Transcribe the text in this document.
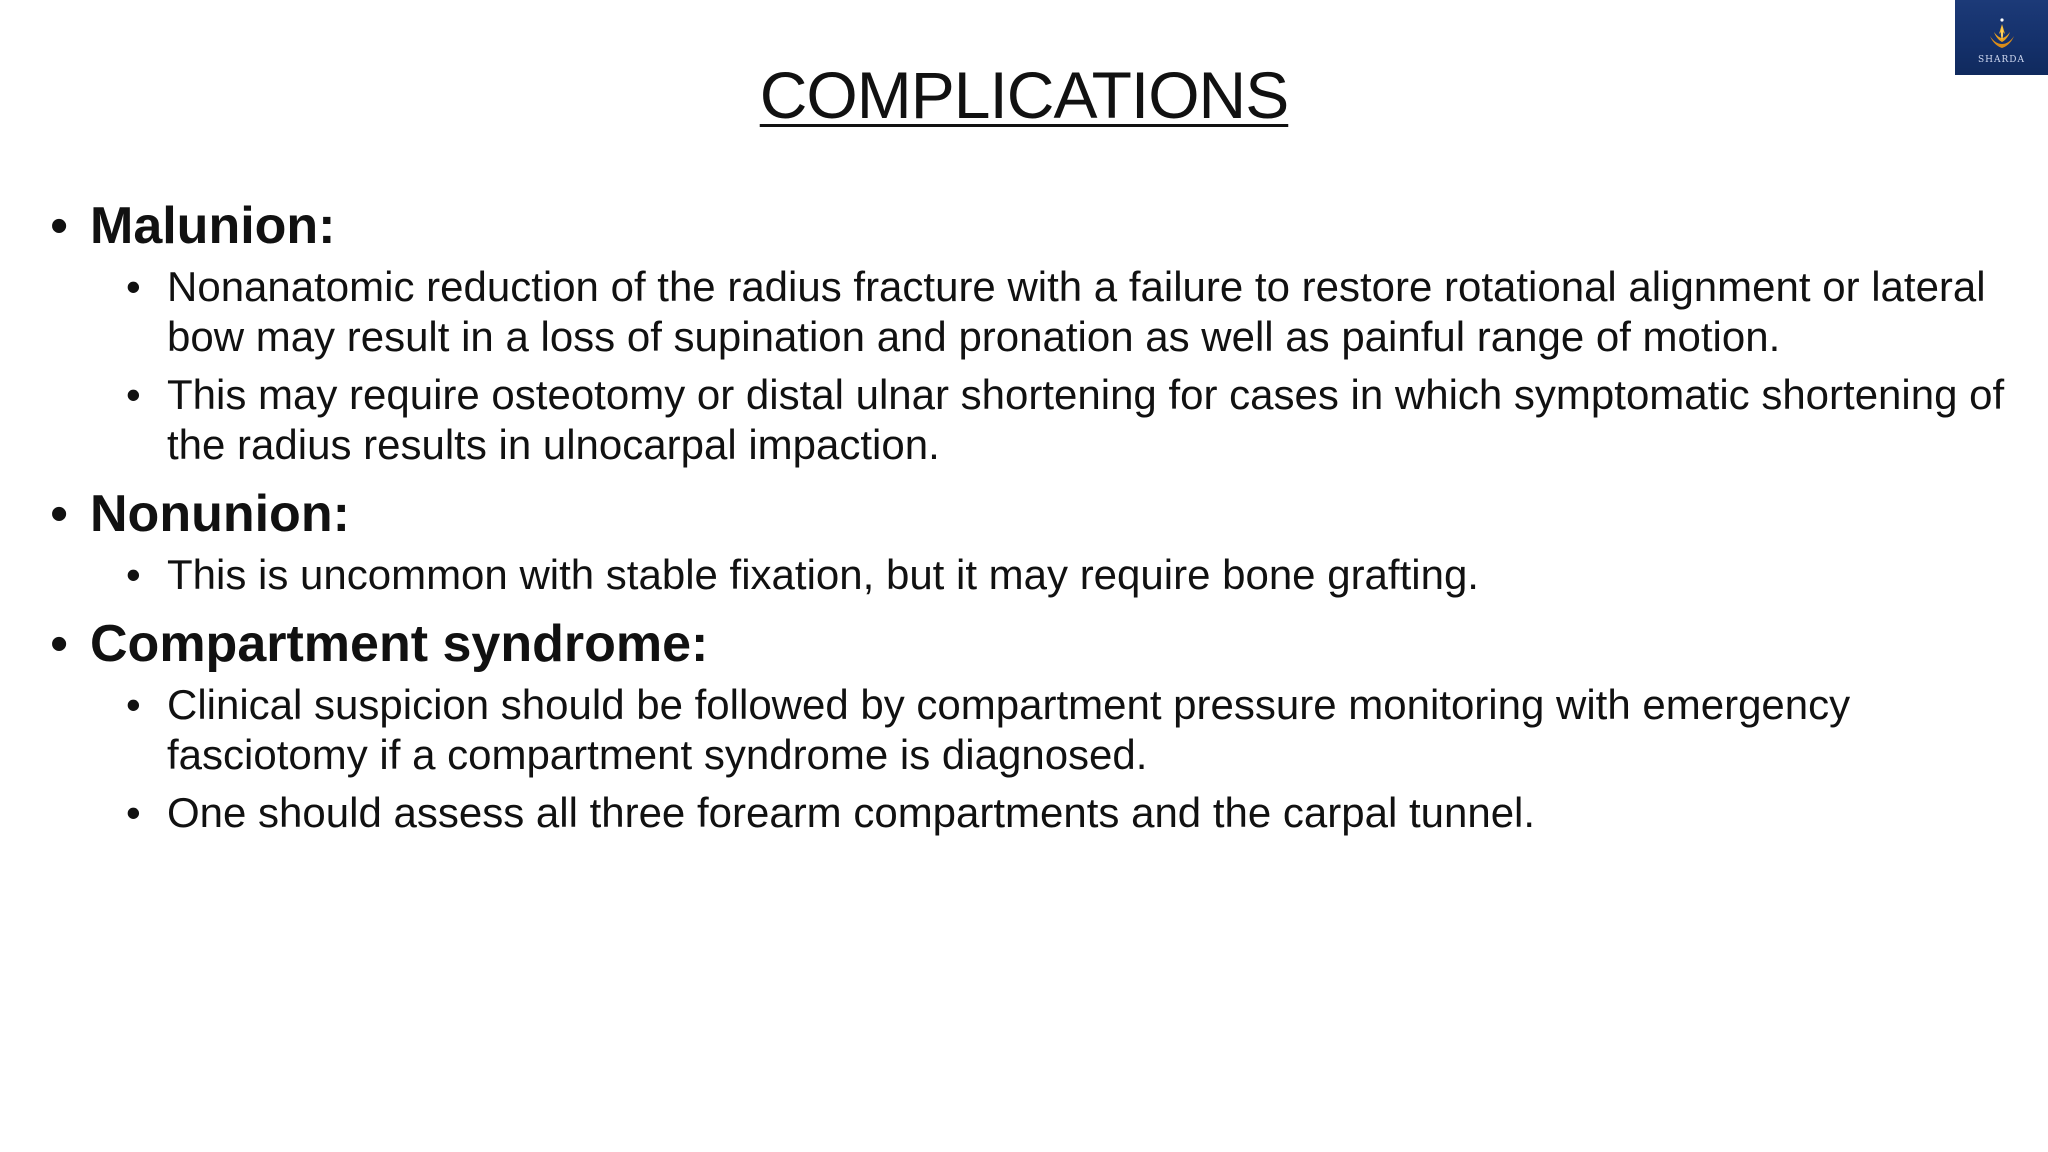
SHARDA
COMPLICATIONS
• Malunion:
• Nonanatomic reduction of the radius fracture with a failure to restore rotational alignment or lateral bow may result in a loss of supination and pronation as well as painful range of motion.
• This may require osteotomy or distal ulnar shortening for cases in which symptomatic shortening of the radius results in ulnocarpal impaction.
• Nonunion:
• This is uncommon with stable fixation, but it may require bone grafting.
• Compartment syndrome:
• Clinical suspicion should be followed by compartment pressure monitoring with emergency fasciotomy if a compartment syndrome is diagnosed.
• One should assess all three forearm compartments and the carpal tunnel.
